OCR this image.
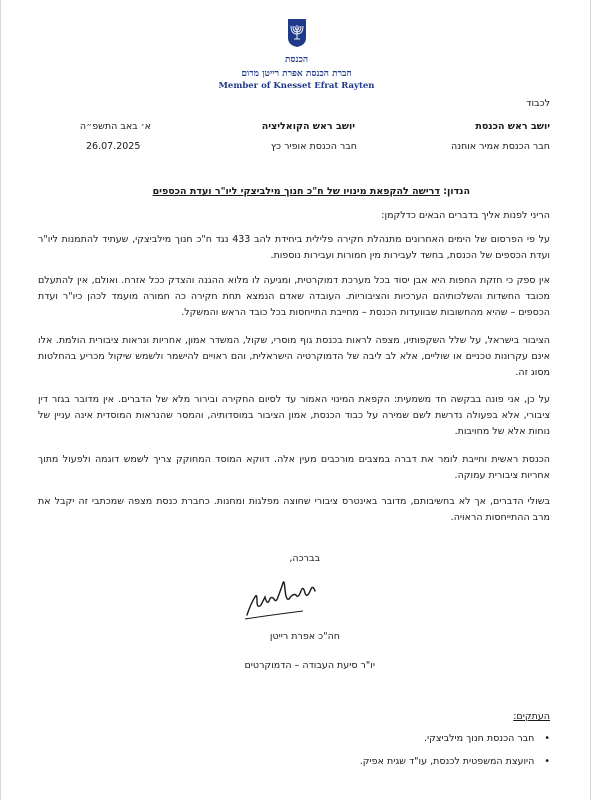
הכנסת
חברת הכנסת אפרת רייטן מרום
Member of Knesset Efrat Rayten
לכבוד
יושב ראש הכנסת
חבר הכנסת אמיר אוחנה
יושב ראש הקואליציה
חבר הכנסת אופיר כץ
א׳ באב התשפ״ה
26.07.2025
הנדון: דרישה להקפאת מינויו של ח"כ חנוך מילביצקי ליו"ר ועדת הכספים
הריני לפנות אליך בדברים הבאים כדלקמן:
על פי הפרסום של הימים האחרונים מתנהלת חקירה פלילית ביחידת להב 433 נגד ח"כ חנוך מילביצקי, שעתיד להתמנות ליו"ר ועדת הכספים של הכנסת, בחשד לעבירות מין חמורות ועבירות נוספות.
אין ספק כי חזקת החפות היא אבן יסוד בכל מערכת דמוקרטית, ומגיעה לו מלוא ההגנה והצדק ככל אזרח. ואולם, אין להתעלם מכובד החשדות והשלכותיהם הערכיות והציבוריות. העובדה שאדם הנמצא תחת חקירה כה חמורה מועמד לכהן כיו"ר ועדת הכספים – שהיא מהחשובות שבוועדות הכנסת – מחייבת התייחסות בכל כובד הראש והמשקל.
הציבור בישראל, על שלל השקפותיו, מצפה לראות בכנסת גוף מוסרי, שקול, המשדר אמון, אחריות ונראות ציבורית הולמת. אלו אינם עקרונות טכניים או שוליים, אלא לב ליבה של הדמוקרטיה הישראלית, והם ראויים להישמר ולשמש שיקול מכריע בהחלטות מסוג זה.
על כן, אני פונה בבקשה חד משמעית: הקפאת המינוי האמור עד לסיום החקירה ובירור מלא של הדברים. אין מדובר בגזר דין ציבורי, אלא בפעולה נדרשת לשם שמירה על כבוד הכנסת, אמון הציבור במוסדותיה, והמסר שהנראות המוסדית אינה עניין של נוחות אלא של מחויבות.
הכנסת ראשית וחייבת לומר את דברה במצבים מורכבים מעין אלה. דווקא המוסד המחוקק צריך לשמש דוגמה ולפעול מתוך אחריות ציבורית עמוקה.
בשולי הדברים, אך לא בחשיבותם, מדובר באינטרס ציבורי שחוצה מפלגות ומחנות. כחברת כנסת מצפה שמכתבי זה יקבל את מרב ההתייחסות הראויה.
בברכה,
חה"כ אפרת רייטן
יו"ר סיעת העבודה – הדמוקרטים
העתקים:
• חבר הכנסת חנוך מילביצקי.
• היועצת המשפטית לכנסת, עו"ד שגית אפיק.
